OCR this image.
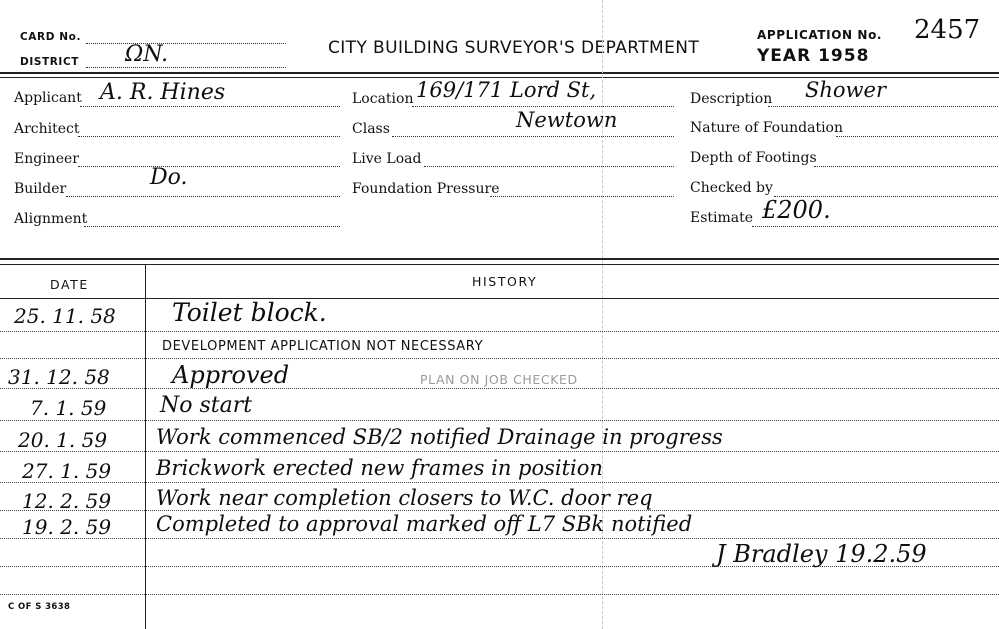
CARD No.
DISTRICT ΩN.	CITY BUILDING SURVEYOR'S DEPARTMENT
APPLICATION No. 2457
YEAR 1958
Applicant A. R. Hines
Architect
Engineer
Builder	Do.
Alignment
Location 169/171 Lord St,
Class	Newtown
Live Load
Foundation Pressure
Description Shower
Nature of Foundation
Depth of Footings
Checked by
Estimate £200.
DATE	HISTORY
25. 11. 58 Toilet block.
DEVELOPMENT APPLICATION NOT NECESSARY
31. 12. 58	Approved	PLAN ON JOB CHECKED
7. 1. 59 No start
20. 1. 59 Work commenced SB/2 notified Drainage in progress
27. 1. 59 Brickwork erected new frames in position
12. 2. 59 Work near completion closers to W.C. door req
19. 2. 59 Completed to approval marked off L7 SBk notified
J Bradley 19.2.59
C OF S 3638
